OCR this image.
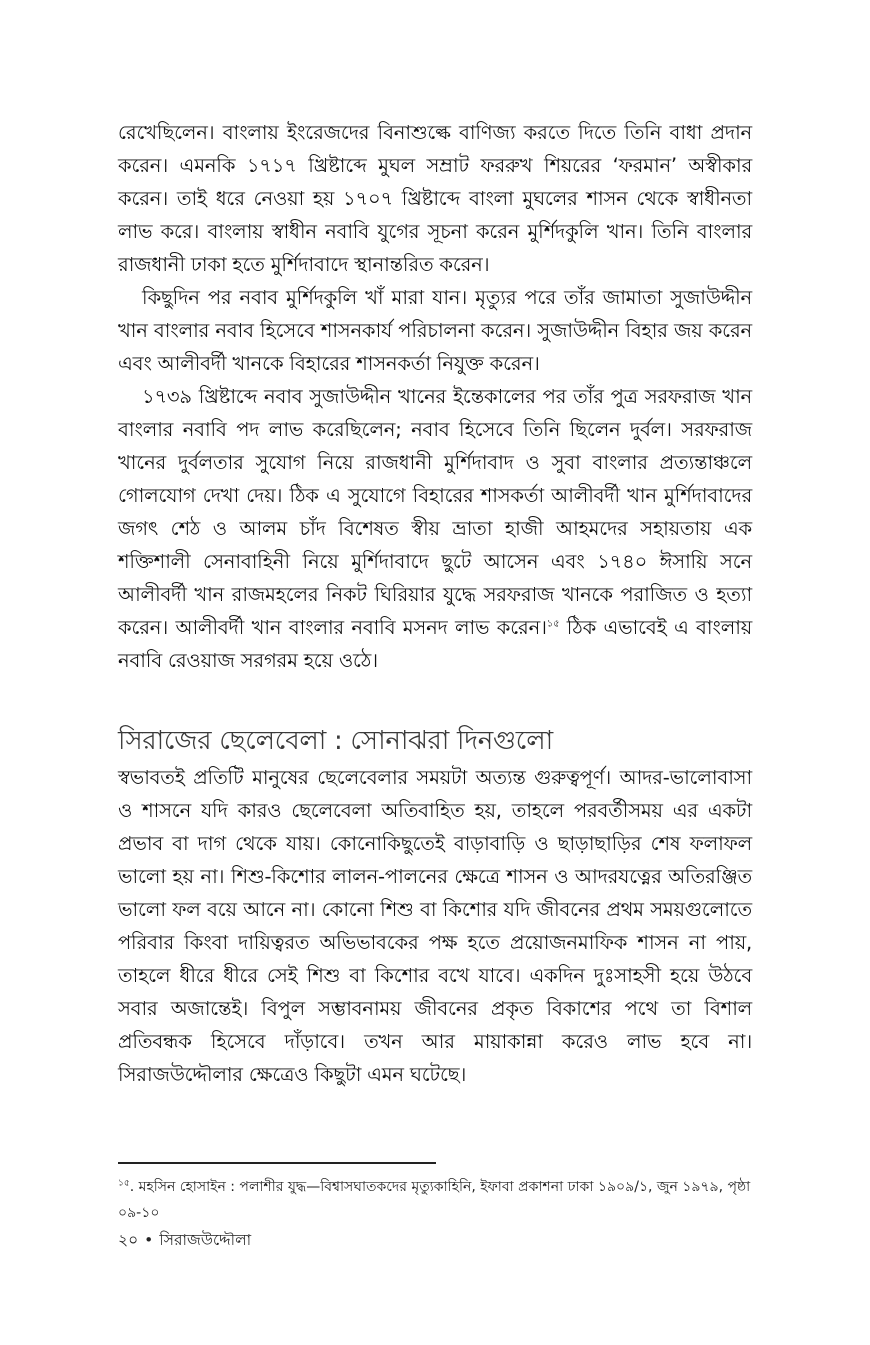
রেখেছিলেন। বাংলায় ইংরেজদের বিনাশুল্কে বাণিজ্য করতে দিতে তিনি বাধা প্রদান করেন। এমনকি ১৭১৭ খ্রিষ্টাব্দে মুঘল সম্রাট ফররুখ শিয়রের ‘ফরমান’ অস্বীকার করেন। তাই ধরে নেওয়া হয় ১৭০৭ খ্রিষ্টাব্দে বাংলা মুঘলের শাসন থেকে স্বাধীনতা লাভ করে। বাংলায় স্বাধীন নবাবি যুগের সূচনা করেন মুর্শিদকুলি খান। তিনি বাংলার রাজধানী ঢাকা হতে মুর্শিদাবাদে স্থানান্তরিত করেন।

কিছুদিন পর নবাব মুর্শিদকুলি খাঁ মারা যান। মৃত্যুর পরে তাঁর জামাতা সুজাউদ্দীন খান বাংলার নবাব হিসেবে শাসনকার্য পরিচালনা করেন। সুজাউদ্দীন বিহার জয় করেন এবং আলীবর্দী খানকে বিহারের শাসনকর্তা নিযুক্ত করেন।

১৭৩৯ খ্রিষ্টাব্দে নবাব সুজাউদ্দীন খানের ইন্তেকালের পর তাঁর পুত্র সরফরাজ খান বাংলার নবাবি পদ লাভ করেছিলেন; নবাব হিসেবে তিনি ছিলেন দুর্বল। সরফরাজ খানের দুর্বলতার সুযোগ নিয়ে রাজধানী মুর্শিদাবাদ ও সুবা বাংলার প্রত্যন্তাঞ্চলে গোলযোগ দেখা দেয়। ঠিক এ সুযোগে বিহারের শাসকর্তা আলীবর্দী খান মুর্শিদাবাদের জগৎ শেঠ ও আলম চাঁদ বিশেষত স্বীয় ভ্রাতা হাজী আহমদের সহায়তায় এক শক্তিশালী সেনাবাহিনী নিয়ে মুর্শিদাবাদে ছুটে আসেন এবং ১৭৪০ ঈসায়ি সনে আলীবর্দী খান রাজমহলের নিকট ঘিরিয়ার যুদ্ধে সরফরাজ খানকে পরাজিত ও হত্যা করেন। আলীবর্দী খান বাংলার নবাবি মসনদ লাভ করেন।$^{১৫}$ ঠিক এভাবেই এ বাংলায় নবাবি রেওয়াজ সরগরম হয়ে ওঠে।

সিরাজের ছেলেবেলা : সোনাঝরা দিনগুলো

স্বভাবতই প্রতিটি মানুষের ছেলেবেলার সময়টা অত্যন্ত গুরুত্বপূর্ণ। আদর-ভালোবাসা ও শাসনে যদি কারও ছেলেবেলা অতিবাহিত হয়, তাহলে পরবর্তীসময় এর একটা প্রভাব বা দাগ থেকে যায়। কোনোকিছুতেই বাড়াবাড়ি ও ছাড়াছাড়ির শেষ ফলাফল ভালো হয় না। শিশু-কিশোর লালন-পালনের ক্ষেত্রে শাসন ও আদরযত্নের অতিরঞ্জিত ভালো ফল বয়ে আনে না। কোনো শিশু বা কিশোর যদি জীবনের প্রথম সময়গুলোতে পরিবার কিংবা দায়িত্বরত অভিভাবকের পক্ষ হতে প্রয়োজনমাফিক শাসন না পায়, তাহলে ধীরে ধীরে সেই শিশু বা কিশোর বখে যাবে। একদিন দুঃসাহসী হয়ে উঠবে সবার অজান্তেই। বিপুল সম্ভাবনাময় জীবনের প্রকৃত বিকাশের পথে তা বিশাল প্রতিবন্ধক হিসেবে দাঁড়াবে। তখন আর মায়াকান্না করেও লাভ হবে না। সিরাজউদ্দৌলার ক্ষেত্রেও কিছুটা এমন ঘটেছে।

$^{১৫}$. মহসিন হোসাইন : পলাশীর যুদ্ধ—বিশ্বাসঘাতকদের মৃত্যুকাহিনি, ইফাবা প্রকাশনা ঢাকা ১৯০৯/১, জুন ১৯৭৯, পৃষ্ঠা ০৯-১০

২০ • সিরাজউদ্দৌলা
